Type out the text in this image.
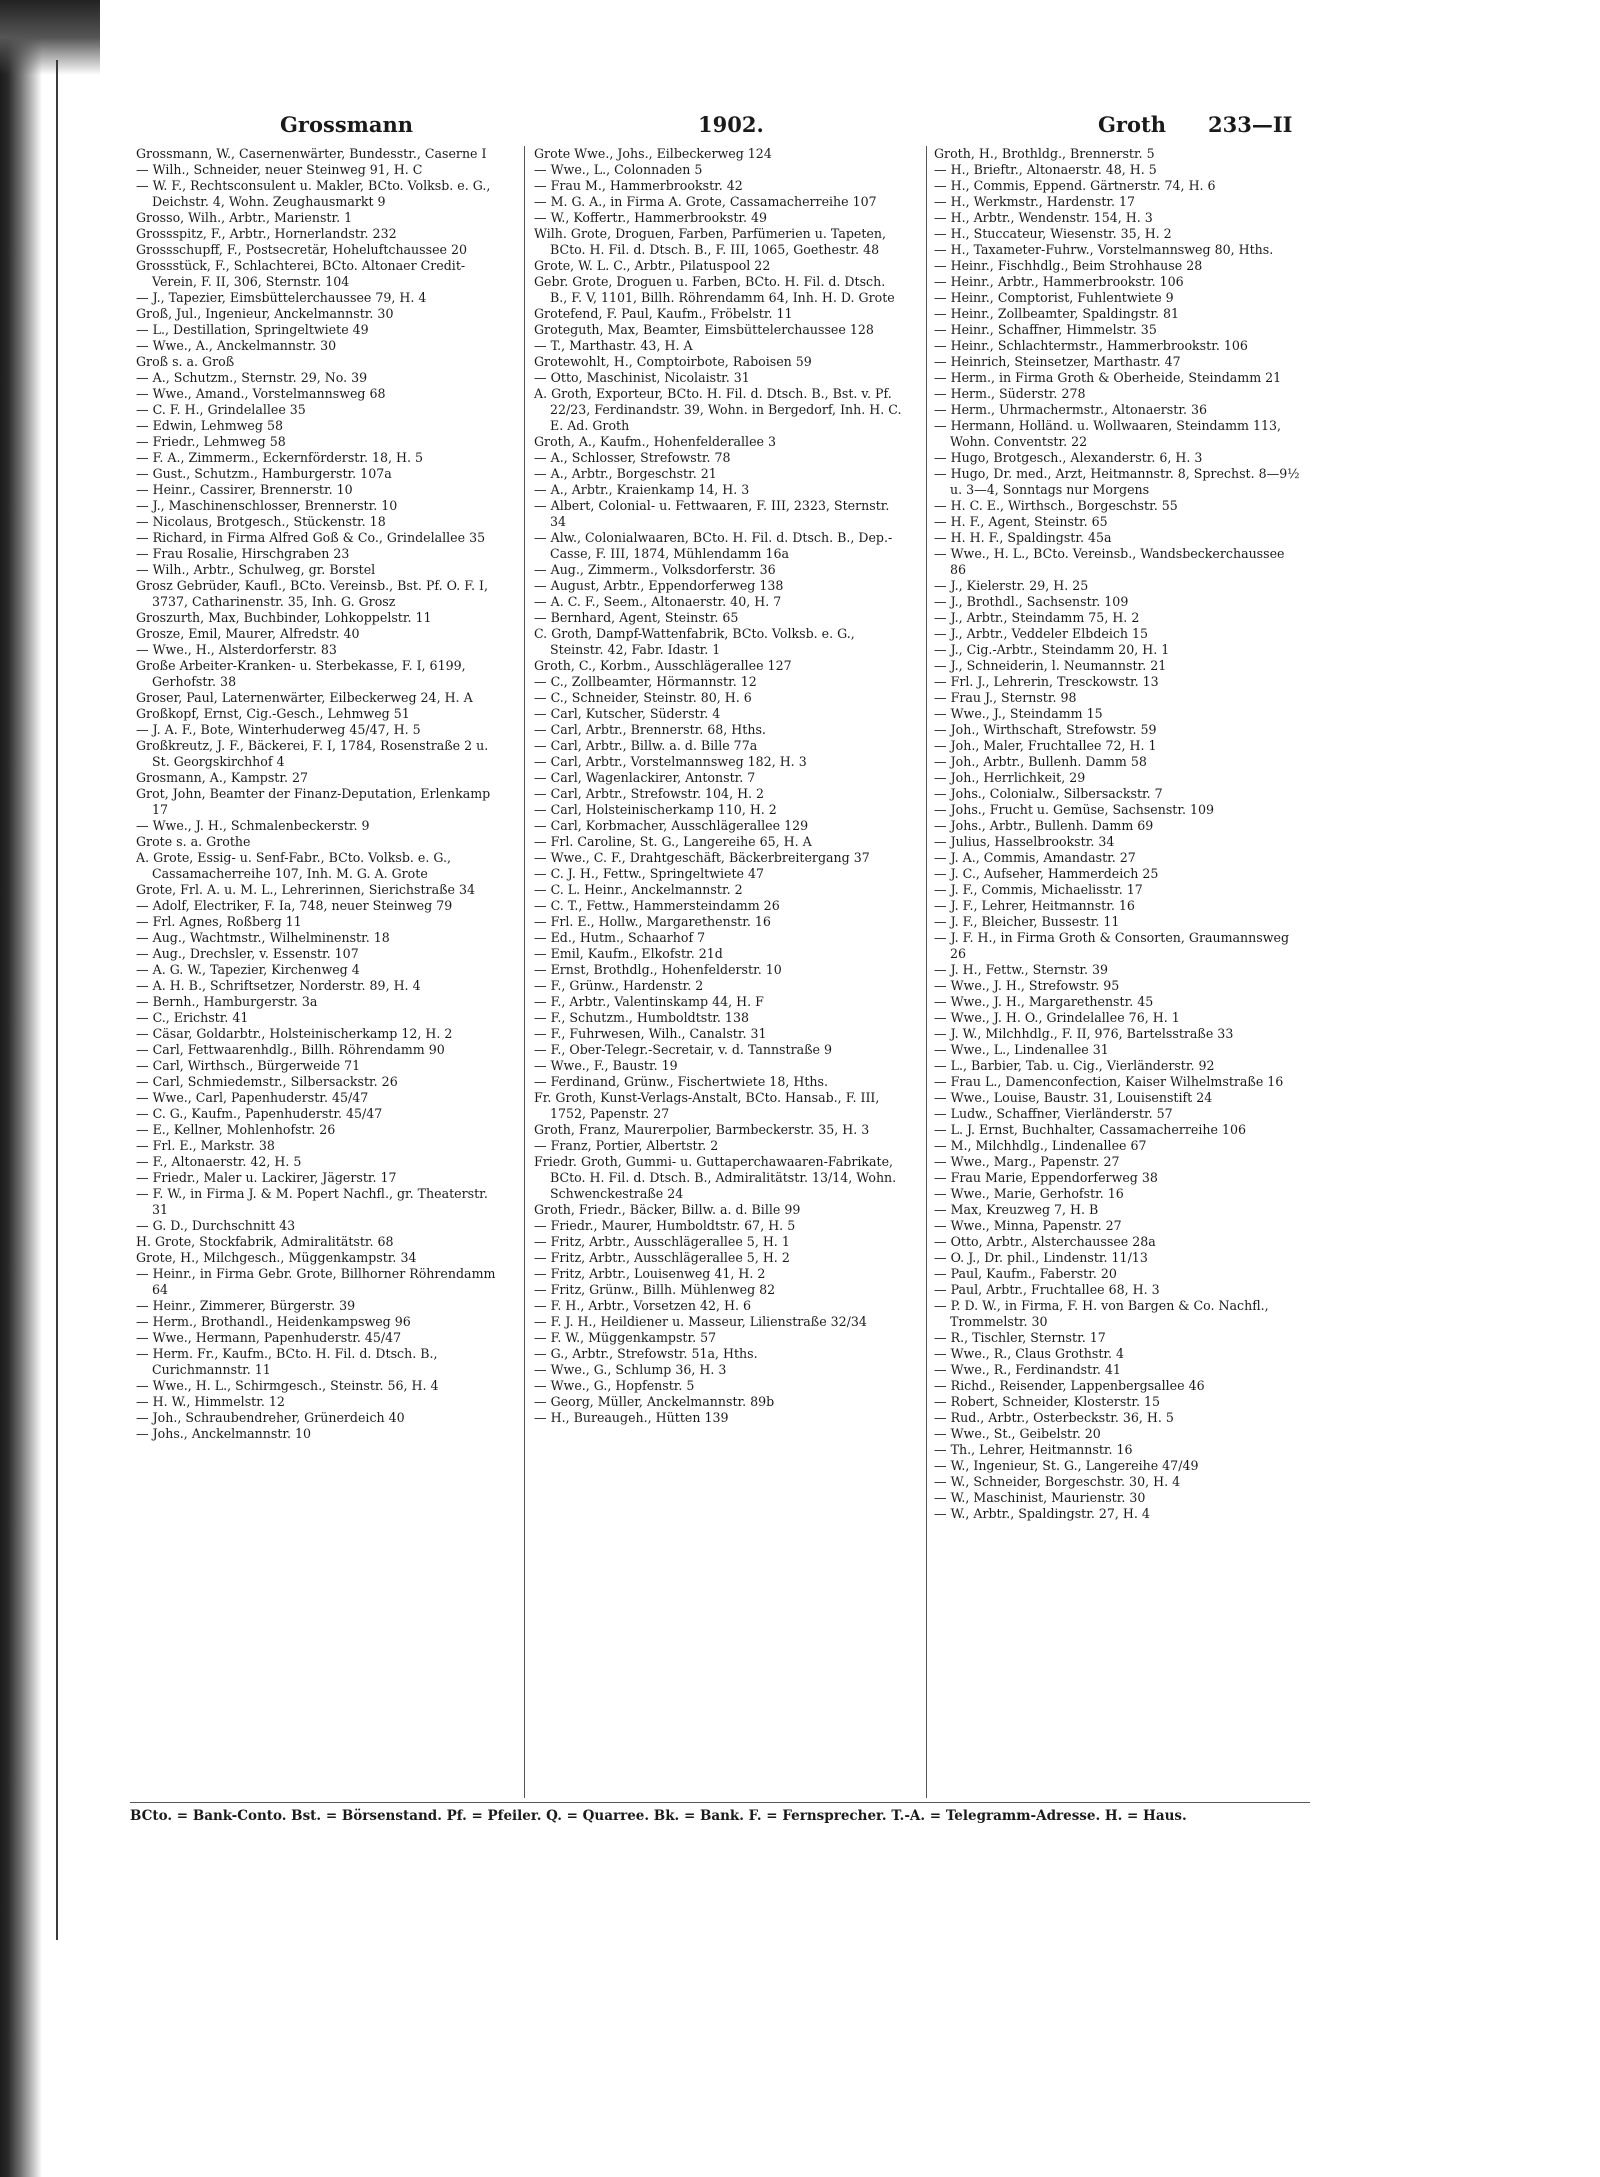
Grossmann	1902.	Groth 233—II

Grossmann, W., Casernenwärter, Bundesstr., Caserne I

— Wilh., Schneider, neuer Steinweg 91, H. C

— W. F., Rechtsconsulent u. Makler, BCto. Volksb. e. G., Deichstr. 4, Wohn. Zeughausmarkt 9

Grosso, Wilh., Arbtr., Marienstr. 1

Grossspitz, F., Arbtr., Hornerlandstr. 232

Grossschupff, F., Postsecretär, Hoheluftchaussee 20

Grossstück, F., Schlachterei, BCto. Altonaer Credit-Verein, F. II, 306, Sternstr. 104

— J., Tapezier, Eimsbüttelerchaussee 79, H. 4

Groß, Jul., Ingenieur, Anckelmannstr. 30

— L., Destillation, Springeltwiete 49

— Wwe., A., Anckelmannstr. 30

Groß s. a. Groß

— A., Schutzm., Sternstr. 29, No. 39

— Wwe., Amand., Vorstelmannsweg 68

— C. F. H., Grindelallee 35

— Edwin, Lehmweg 58

— Friedr., Lehmweg 58

— F. A., Zimmerm., Eckernförderstr. 18, H. 5

— Gust., Schutzm., Hamburgerstr. 107a

— Heinr., Cassirer, Brennerstr. 10

— J., Maschinenschlosser, Brennerstr. 10

— Nicolaus, Brotgesch., Stückenstr. 18

— Richard, in Firma Alfred Goß & Co., Grindelallee 35

— Frau Rosalie, Hirschgraben 23

— Wilh., Arbtr., Schulweg, gr. Borstel

Grosz Gebrüder, Kaufl., BCto. Vereinsb., Bst. Pf. O. F. I, 3737, Catharinenstr. 35, Inh. G. Grosz

Groszurth, Max, Buchbinder, Lohkoppelstr. 11

Grosze, Emil, Maurer, Alfredstr. 40

— Wwe., H., Alsterdorferstr. 83

Große Arbeiter-Kranken- u. Sterbekasse, F. I, 6199, Gerhofstr. 38

Groser, Paul, Laternenwärter, Eilbeckerweg 24, H. A

Großkopf, Ernst, Cig.-Gesch., Lehmweg 51

— J. A. F., Bote, Winterhuderweg 45/47, H. 5

Großkreutz, J. F., Bäckerei, F. I, 1784, Rosenstraße 2 u. St. Georgskirchhof 4

Grosmann, A., Kampstr. 27

Grot, John, Beamter der Finanz-Deputation, Erlenkamp 17

— Wwe., J. H., Schmalenbeckerstr. 9

Grote s. a. Grothe

A. Grote, Essig- u. Senf-Fabr., BCto. Volksb. e. G., Cassamacherreihe 107, Inh. M. G. A. Grote

Grote, Frl. A. u. M. L., Lehrerinnen, Sierichstraße 34

— Adolf, Electriker, F. Ia, 748, neuer Steinweg 79

— Frl. Agnes, Roßberg 11

— Aug., Wachtmstr., Wilhelminenstr. 18

— Aug., Drechsler, v. Essenstr. 107

— A. G. W., Tapezier, Kirchenweg 4

— A. H. B., Schriftsetzer, Norderstr. 89, H. 4

— Bernh., Hamburgerstr. 3a

— C., Erichstr. 41

— Cäsar, Goldarbtr., Holsteinischerkamp 12, H. 2

— Carl, Fettwaarenhdlg., Billh. Röhrendamm 90

— Carl, Wirthsch., Bürgerweide 71

— Carl, Schmiedemstr., Silbersackstr. 26

— Wwe., Carl, Papenhuderstr. 45/47

— C. G., Kaufm., Papenhuderstr. 45/47

— E., Kellner, Mohlenhofstr. 26

— Frl. E., Markstr. 38

— F., Altonaerstr. 42, H. 5

— Friedr., Maler u. Lackirer, Jägerstr. 17

— F. W., in Firma J. & M. Popert Nachfl., gr. Theaterstr. 31

— G. D., Durchschnitt 43

H. Grote, Stockfabrik, Admiralitätstr. 68

Grote, H., Milchgesch., Müggenkampstr. 34

— Heinr., in Firma Gebr. Grote, Billhorner Röhrendamm 64

— Heinr., Zimmerer, Bürgerstr. 39

— Herm., Brothandl., Heidenkampsweg 96

— Wwe., Hermann, Papenhuderstr. 45/47

— Herm. Fr., Kaufm., BCto. H. Fil. d. Dtsch. B., Curichmannstr. 11

— Wwe., H. L., Schirmgesch., Steinstr. 56, H. 4

— H. W., Himmelstr. 12

— Joh., Schraubendreher, Grünerdeich 40

— Johs., Anckelmannstr. 10

Grote Wwe., Johs., Eilbeckerweg 124

— Wwe., L., Colonnaden 5

— Frau M., Hammerbrookstr. 42

— M. G. A., in Firma A. Grote, Cassamacherreihe 107

— W., Koffertr., Hammerbrookstr. 49

Wilh. Grote, Droguen, Farben, Parfümerien u. Tapeten, BCto. H. Fil. d. Dtsch. B., F. III, 1065, Goethestr. 48

Grote, W. L. C., Arbtr., Pilatuspool 22

Gebr. Grote, Droguen u. Farben, BCto. H. Fil. d. Dtsch. B., F. V, 1101, Billh. Röhrendamm 64, Inh. H. D. Grote

Grotefend, F. Paul, Kaufm., Fröbelstr. 11

Groteguth, Max, Beamter, Eimsbüttelerchaussee 128

— T., Marthastr. 43, H. A

Grotewohlt, H., Comptoirbote, Raboisen 59

— Otto, Maschinist, Nicolaistr. 31

A. Groth, Exporteur, BCto. H. Fil. d. Dtsch. B., Bst. v. Pf. 22/23, Ferdinandstr. 39, Wohn. in Bergedorf, Inh. H. C. E. Ad. Groth

Groth, A., Kaufm., Hohenfelderallee 3

— A., Schlosser, Strefowstr. 78

— A., Arbtr., Borgeschstr. 21

— A., Arbtr., Kraienkamp 14, H. 3

— Albert, Colonial- u. Fettwaaren, F. III, 2323, Sternstr. 34

— Alw., Colonialwaaren, BCto. H. Fil. d. Dtsch. B., Dep.-Casse, F. III, 1874, Mühlendamm 16a

— Aug., Zimmerm., Volksdorferstr. 36

— August, Arbtr., Eppendorferweg 138

— A. C. F., Seem., Altonaerstr. 40, H. 7

— Bernhard, Agent, Steinstr. 65

C. Groth, Dampf-Wattenfabrik, BCto. Volksb. e. G., Steinstr. 42, Fabr. Idastr. 1

Groth, C., Korbm., Ausschlägerallee 127

— C., Zollbeamter, Hörmannstr. 12

— C., Schneider, Steinstr. 80, H. 6

— Carl, Kutscher, Süderstr. 4

— Carl, Arbtr., Brennerstr. 68, Hths.

— Carl, Arbtr., Billw. a. d. Bille 77a

— Carl, Arbtr., Vorstelmannsweg 182, H. 3

— Carl, Wagenlackirer, Antonstr. 7

— Carl, Arbtr., Strefowstr. 104, H. 2

— Carl, Holsteinischerkamp 110, H. 2

— Carl, Korbmacher, Ausschlägerallee 129

— Frl. Caroline, St. G., Langereihe 65, H. A

— Wwe., C. F., Drahtgeschäft, Bäckerbreitergang 37

— C. J. H., Fettw., Springeltwiete 47

— C. L. Heinr., Anckelmannstr. 2

— C. T., Fettw., Hammersteindamm 26

— Frl. E., Hollw., Margarethenstr. 16

— Ed., Hutm., Schaarhof 7

— Emil, Kaufm., Elkofstr. 21d

— Ernst, Brothdlg., Hohenfelderstr. 10

— F., Grünw., Hardenstr. 2

— F., Arbtr., Valentinskamp 44, H. F

— F., Schutzm., Humboldtstr. 138

— F., Fuhrwesen, Wilh., Canalstr. 31

— F., Ober-Telegr.-Secretair, v. d. Tannstraße 9

— Wwe., F., Baustr. 19

— Ferdinand, Grünw., Fischertwiete 18, Hths.

Fr. Groth, Kunst-Verlags-Anstalt, BCto. Hansab., F. III, 1752, Papenstr. 27

Groth, Franz, Maurerpolier, Barmbeckerstr. 35, H. 3

— Franz, Portier, Albertstr. 2

Friedr. Groth, Gummi- u. Guttaperchawaaren-Fabrikate, BCto. H. Fil. d. Dtsch. B., Admiralitätstr. 13/14, Wohn. Schwenckestraße 24

Groth, Friedr., Bäcker, Billw. a. d. Bille 99

— Friedr., Maurer, Humboldtstr. 67, H. 5

— Fritz, Arbtr., Ausschlägerallee 5, H. 1

— Fritz, Arbtr., Ausschlägerallee 5, H. 2

— Fritz, Arbtr., Louisenweg 41, H. 2

— Fritz, Grünw., Billh. Mühlenweg 82

— F. H., Arbtr., Vorsetzen 42, H. 6

— F. J. H., Heildiener u. Masseur, Lilienstraße 32/34

— F. W., Müggenkampstr. 57

— G., Arbtr., Strefowstr. 51a, Hths.

— Wwe., G., Schlump 36, H. 3

— Wwe., G., Hopfenstr. 5

— Georg, Müller, Anckelmannstr. 89b

— H., Bureaugeh., Hütten 139

Groth, H., Brothldg., Brennerstr. 5

— H., Brieftr., Altonaerstr. 48, H. 5

— H., Commis, Eppend. Gärtnerstr. 74, H. 6

— H., Werkmstr., Hardenstr. 17

— H., Arbtr., Wendenstr. 154, H. 3

— H., Stuccateur, Wiesenstr. 35, H. 2

— H., Taxameter-Fuhrw., Vorstelmannsweg 80, Hths.

— Heinr., Fischhdlg., Beim Strohhause 28

— Heinr., Arbtr., Hammerbrookstr. 106

— Heinr., Comptorist, Fuhlentwiete 9

— Heinr., Zollbeamter, Spaldingstr. 81

— Heinr., Schaffner, Himmelstr. 35

— Heinr., Schlachtermstr., Hammerbrookstr. 106

— Heinrich, Steinsetzer, Marthastr. 47

— Herm., in Firma Groth & Oberheide, Steindamm 21

— Herm., Süderstr. 278

— Herm., Uhrmachermstr., Altonaerstr. 36

— Hermann, Holländ. u. Wollwaaren, Steindamm 113, Wohn. Conventstr. 22

— Hugo, Brotgesch., Alexanderstr. 6, H. 3

— Hugo, Dr. med., Arzt, Heitmannstr. 8, Sprechst. 8—9½ u. 3—4, Sonntags nur Morgens

— H. C. E., Wirthsch., Borgeschstr. 55

— H. F., Agent, Steinstr. 65

— H. H. F., Spaldingstr. 45a

— Wwe., H. L., BCto. Vereinsb., Wandsbeckerchaussee 86

— J., Kielerstr. 29, H. 25

— J., Brothdl., Sachsenstr. 109

— J., Arbtr., Steindamm 75, H. 2

— J., Arbtr., Veddeler Elbdeich 15

— J., Cig.-Arbtr., Steindamm 20, H. 1

— J., Schneiderin, l. Neumannstr. 21

— Frl. J., Lehrerin, Tresckowstr. 13

— Frau J., Sternstr. 98

— Wwe., J., Steindamm 15

— Joh., Wirthschaft, Strefowstr. 59

— Joh., Maler, Fruchtallee 72, H. 1

— Joh., Arbtr., Bullenh. Damm 58

— Joh., Herrlichkeit, 29

— Johs., Colonialw., Silbersackstr. 7

— Johs., Frucht u. Gemüse, Sachsenstr. 109

— Johs., Arbtr., Bullenh. Damm 69

— Julius, Hasselbrookstr. 34

— J. A., Commis, Amandastr. 27

— J. C., Aufseher, Hammerdeich 25

— J. F., Commis, Michaelisstr. 17

— J. F., Lehrer, Heitmannstr. 16

— J. F., Bleicher, Bussestr. 11

— J. F. H., in Firma Groth & Consorten, Graumannsweg 26

— J. H., Fettw., Sternstr. 39

— Wwe., J. H., Strefowstr. 95

— Wwe., J. H., Margarethenstr. 45

— Wwe., J. H. O., Grindelallee 76, H. 1

— J. W., Milchhdlg., F. II, 976, Bartelsstraße 33

— Wwe., L., Lindenallee 31

— L., Barbier, Tab. u. Cig., Vierländerstr. 92

— Frau L., Damenconfection, Kaiser Wilhelmstraße 16

— Wwe., Louise, Baustr. 31, Louisenstift 24

— Ludw., Schaffner, Vierländerstr. 57

— L. J. Ernst, Buchhalter, Cassamacherreihe 106

— M., Milchhdlg., Lindenallee 67

— Wwe., Marg., Papenstr. 27

— Frau Marie, Eppendorferweg 38

— Wwe., Marie, Gerhofstr. 16

— Max, Kreuzweg 7, H. B

— Wwe., Minna, Papenstr. 27

— Otto, Arbtr., Alsterchaussee 28a

— O. J., Dr. phil., Lindenstr. 11/13

— Paul, Kaufm., Faberstr. 20

— Paul, Arbtr., Fruchtallee 68, H. 3

— P. D. W., in Firma, F. H. von Bargen & Co. Nachfl., Trommelstr. 30

— R., Tischler, Sternstr. 17

— Wwe., R., Claus Grothstr. 4

— Wwe., R., Ferdinandstr. 41

— Richd., Reisender, Lappenbergsallee 46

— Robert, Schneider, Klosterstr. 15

— Rud., Arbtr., Osterbeckstr. 36, H. 5

— Wwe., St., Geibelstr. 20

— Th., Lehrer, Heitmannstr. 16

— W., Ingenieur, St. G., Langereihe 47/49

— W., Schneider, Borgeschstr. 30, H. 4

— W., Maschinist, Maurienstr. 30

— W., Arbtr., Spaldingstr. 27, H. 4

BCto. = Bank-Conto. Bst. = Börsenstand. Pf. = Pfeiler. Q. = Quarree. Bk. = Bank. F. = Fernsprecher. T.-A. = Telegramm-Adresse. H. = Haus.
